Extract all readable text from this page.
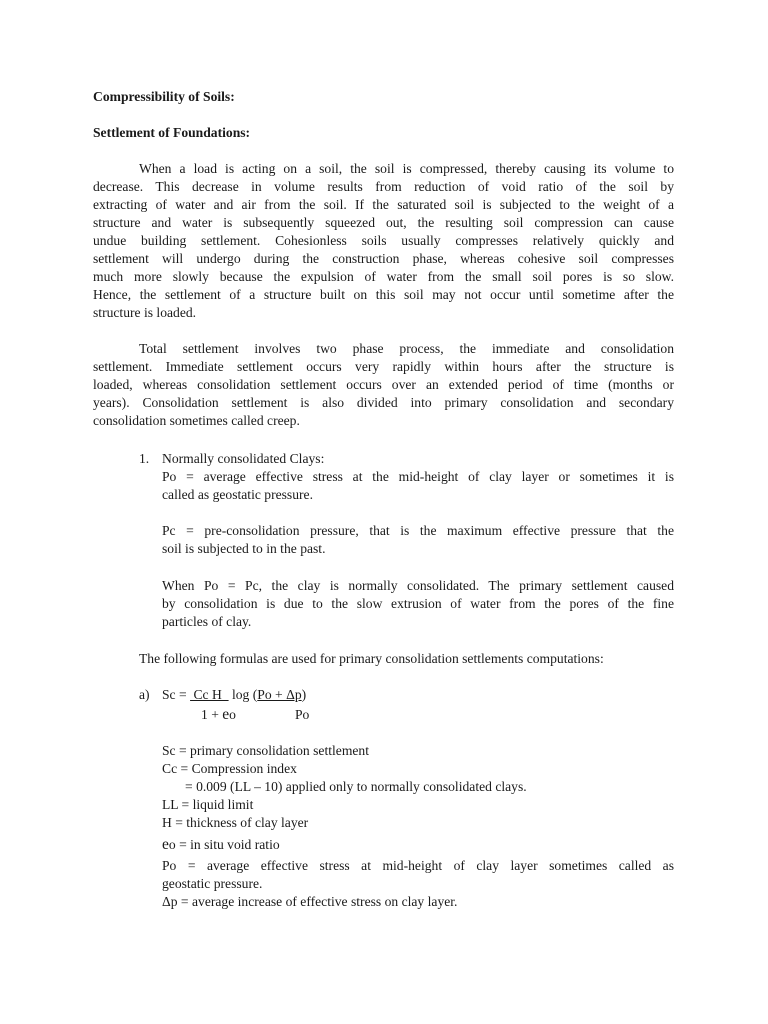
Compressibility of Soils:
Settlement of Foundations:
When a load is acting on a soil, the soil is compressed, thereby causing its volume to
decrease. This decrease in volume results from reduction of void ratio of the soil by
extracting of water and air from the soil. If the saturated soil is subjected to the weight of a
structure and water is subsequently squeezed out, the resulting soil compression can cause
undue building settlement. Cohesionless soils usually compresses relatively quickly and
settlement will undergo during the construction phase, whereas cohesive soil compresses
much more slowly because the expulsion of water from the small soil pores is so slow.
Hence, the settlement of a structure built on this soil may not occur until sometime after the
structure is loaded.
Total settlement involves two phase process, the immediate and consolidation
settlement. Immediate settlement occurs very rapidly within hours after the structure is
loaded, whereas consolidation settlement occurs over an extended period of time (months or
years). Consolidation settlement is also divided into primary consolidation and secondary
consolidation sometimes called creep.
1. Normally consolidated Clays:
Po = average effective stress at the mid-height of clay layer or sometimes it is
called as geostatic pressure.
Pc = pre-consolidation pressure, that is the maximum effective pressure that the
soil is subjected to in the past.
When Po = Pc, the clay is normally consolidated. The primary settlement caused
by consolidation is due to the slow extrusion of water from the pores of the fine
particles of clay.
The following formulas are used for primary consolidation settlements computations:
a) Sc =  Cc H   log (Po + Δp)
1 + eo	Po
Sc = primary consolidation settlement
Cc = Compression index
= 0.009 (LL – 10) applied only to normally consolidated clays.
LL = liquid limit
H = thickness of clay layer
eo = in situ void ratio
Po = average effective stress at mid-height of clay layer sometimes called as
geostatic pressure.
Δp = average increase of effective stress on clay layer.
